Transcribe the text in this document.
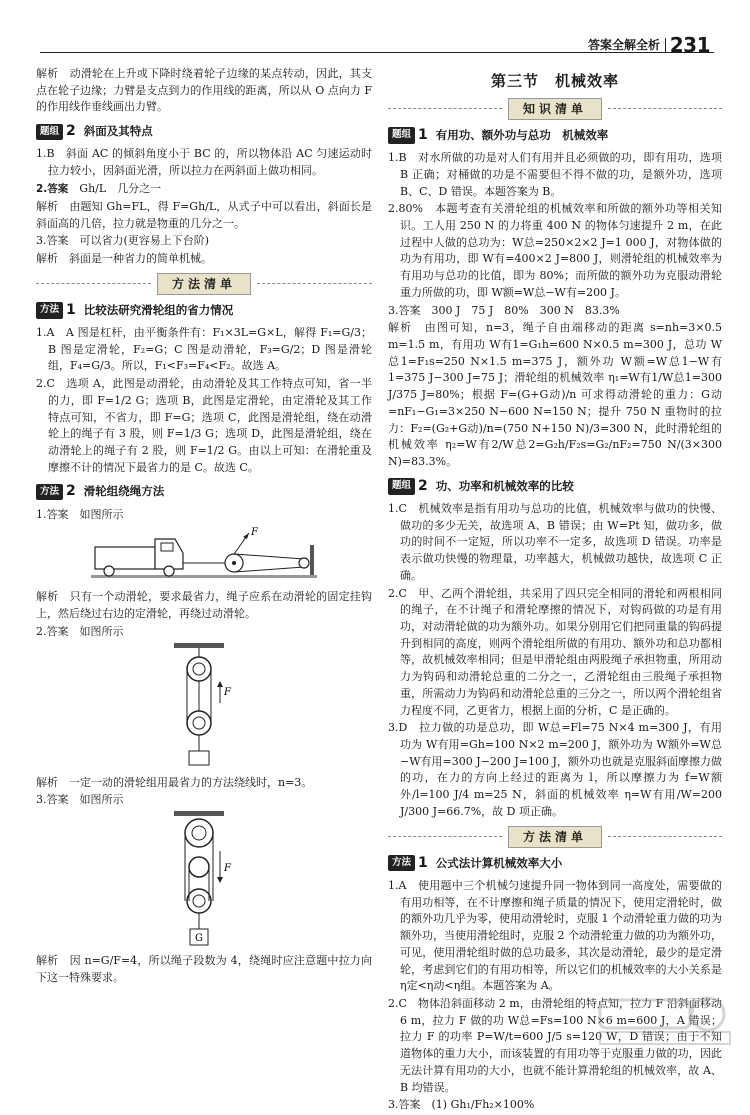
答案全解全析 231

解析　动滑轮在上升或下降时绕着轮子边缘的某点转动，因此，其支点在轮子边缘；力臂是支点到力的作用线的距离，所以从 O 点向力 F 的作用线作垂线画出力臂。

题组 2 斜面及其特点

1.B　斜面 AC 的倾斜角度小于 BC 的，所以物体沿 AC 匀速运动时拉力较小，因斜面光滑，所以拉力在两斜面上做功相同。

2.答案　 Gh/L　几分之一

解析　由题知 Gh=FL，得 F=Gh/L，从式子中可以看出，斜面长是斜面高的几倍，拉力就是物重的几分之一。

3.答案　可以省力(更容易上下台阶)

解析　斜面是一种省力的简单机械。

方法清单
方法 1 比较法研究滑轮组的省力情况

1.A　A 图是杠杆，由平衡条件有：F₁×3L=G×L，解得 F₁=G/3；B 图是定滑轮，F₂=G；C 图是动滑轮，F₃=G/2；D 图是滑轮组，F₄=G/3。所以，F₁<F₃=F₄<F₂。故选 A。

2.C　选项 A，此图是动滑轮，由动滑轮及其工作特点可知，省一半的力，即 F=1/2 G；选项 B，此图是定滑轮，由定滑轮及其工作特点可知，不省力，即 F=G；选项 C，此图是滑轮组，绕在动滑轮上的绳子有 3 股，则 F=1/3 G；选项 D，此图是滑轮组，绕在动滑轮上的绳子有 2 股，则 F=1/2 G。由以上可知：在滑轮重及摩擦不计的情况下最省力的是 C。故选 C。

方法 2 滑轮组绕绳方法

1.答案　如图所示

F

解析　只有一个动滑轮，要求最省力，绳子应系在动滑轮的固定挂钩上，然后绕过右边的定滑轮，再绕过动滑轮。

2.答案　如图所示

F

解析　一定一动的滑轮组用最省力的方法绕线时，n=3。

3.答案　如图所示

F
G

解析　因 n=G/F=4，所以绳子段数为 4，绕绳时应注意题中拉力向下这一特殊要求。

第三节　机械效率
知识清单
题组 1 有用功、额外功与总功　机械效率

1.B　对水所做的功是对人们有用并且必须做的功，即有用功，选项 B 正确；对桶做的功是不需要但不得不做的功，是额外功，选项 B、C、D 错误。本题答案为 B。

2.80%　本题考查有关滑轮组的机械效率和所做的额外功等相关知识。工人用 250 N 的力将重 400 N 的物体匀速提升 2 m，在此过程中人做的总功为：W总=250×2×2 J=1 000 J，对物体做的功为有用功，即 W有=400×2 J=800 J，则滑轮组的机械效率为有用功与总功的比值，即为 80%；而所做的额外功为克服动滑轮重力所做的功，即 W额=W总−W有=200 J。

3.答案　300 J　75 J　80%　300 N　83.3%

解析　由图可知，n=3，绳子自由端移动的距离 s=nh=3×0.5 m=1.5 m，有用功 W有1=G₁h=600 N×0.5 m=300 J，总功 W总1=F₁s=250 N×1.5 m=375 J，额外功 W额=W总1−W有1=375 J−300 J=75 J；滑轮组的机械效率 η₁=W有1/W总1=300 J/375 J=80%；根据 F=(G+G动)/n 可求得动滑轮的重力：G动=nF₁−G₁=3×250 N−600 N=150 N；提升 750 N 重物时的拉力：F₂=(G₂+G动)/n=(750 N+150 N)/3=300 N，此时滑轮组的机械效率 η₂=W有2/W总2=G₂h/F₂s=G₂/nF₂=750 N/(3×300 N)=83.3%。

题组 2 功、功率和机械效率的比较

1.C　机械效率是指有用功与总功的比值，机械效率与做功的快慢、做功的多少无关，故选项 A、B 错误；由 W=Pt 知，做功多，做功的时间不一定短，所以功率不一定多，故选项 D 错误。功率是表示做功快慢的物理量，功率越大，机械做功越快，故选项 C 正确。

2.C　甲、乙两个滑轮组，共采用了四只完全相同的滑轮和两根相同的绳子，在不计绳子和滑轮摩擦的情况下，对钩码做的功是有用功，对动滑轮做的功为额外功。如果分别用它们把同重量的钩码提升到相同的高度，则两个滑轮组所做的有用功、额外功和总功都相等，故机械效率相同；但是甲滑轮组由两股绳子承担物重，所用动力为钩码和动滑轮总重的二分之一，乙滑轮组由三股绳子承担物重，所需动力为钩码和动滑轮总重的三分之一，所以两个滑轮组省力程度不同，乙更省力，根据上面的分析，C 是正确的。

3.D　拉力做的功是总功，即 W总=Fl=75 N×4 m=300 J，有用功为 W有用=Gh=100 N×2 m=200 J，额外功为 W额外=W总−W有用=300 J−200 J=100 J，额外功也就是克服斜面摩擦力做的功，在力的方向上经过的距离为 l，所以摩擦力为 f=W额外/l=100 J/4 m=25 N，斜面的机械效率 η=W有用/W=200 J/300 J=66.7%，故 D 项正确。

方法清单
方法 1 公式法计算机械效率大小

1.A　使用题中三个机械匀速提升同一物体到同一高度处，需要做的有用功相等，在不计摩擦和绳子质量的情况下，使用定滑轮时，做的额外功几乎为零，使用动滑轮时，克服 1 个动滑轮重力做的功为额外功，当使用滑轮组时，克服 2 个动滑轮重力做的功为额外功，可见，使用滑轮组时做的总功最多，其次是动滑轮，最少的是定滑轮，考虑到它们的有用功相等，所以它们的机械效率的大小关系是 η定<η动<η组。本题答案为 A。

2.C　物体沿斜面移动 2 m，由滑轮组的特点知，拉力 F 沿斜面移动 6 m，拉力 F 做的功 W总=Fs=100 N×6 m=600 J，A 错误；拉力 F 的功率 P=W/t=600 J/5 s=120 W，D 错误；由于不知道物体的重力大小，而该装置的有用功等于克服重力做的功，因此无法计算有用功的大小，也就不能计算滑轮组的机械效率，故 A、B 均错误。

3.答案　(1) Gh₁/Fh₂×100%
